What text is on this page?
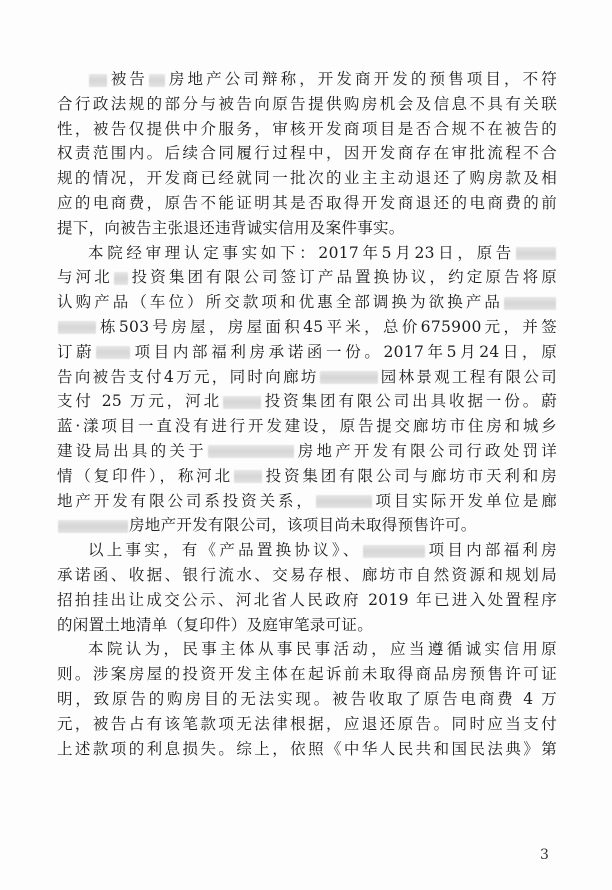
被告 房地产公司辩称，开发商开发的预售项目，不符
合行政法规的部分与被告向原告提供购房机会及信息不具有关联
性，被告仅提供中介服务，审核开发商项目是否合规不在被告的
权责范围内。后续合同履行过程中，因开发商存在审批流程不合
规的情况，开发商已经就同一批次的业主主动退还了购房款及相
应的电商费，原告不能证明其是否取得开发商退还的电商费的前
提下，向被告主张退还违背诚实信用及案件事实。
本院经审理认定事实如下：2017年5月23日，原告
与河北 投资集团有限公司签订产品置换协议，约定原告将原
认购产品（车位）所交款项和优惠全部调换为欲换产品
栋503号房屋，房屋面积45平米，总价675900元，并签
订蔚 项目内部福利房承诺函一份。2017年5月24日，原
告向被告支付4万元，同时向廊坊	园林景观工程有限公司
支付 25 万元，河北	投资集团有限公司出具收据一份。蔚
蓝·漾项目一直没有进行开发建设，原告提交廊坊市住房和城乡
建设局出具的关于	房地产开发有限公司行政处罚详
情（复印件），称河北 投资集团有限公司与廊坊市天利和房
地产开发有限公司系投资关系，	项目实际开发单位是廊
房地产开发有限公司，该项目尚未取得预售许可。
以上事实，有《产品置换协议》、	项目内部福利房
承诺函、收据、银行流水、交易存根、廊坊市自然资源和规划局
招拍挂出让成交公示、河北省人民政府 2019 年已进入处置程序
的闲置土地清单（复印件）及庭审笔录可证。
本院认为，民事主体从事民事活动，应当遵循诚实信用原
则。涉案房屋的投资开发主体在起诉前未取得商品房预售许可证
明，致原告的购房目的无法实现。被告收取了原告电商费 4 万
元，被告占有该笔款项无法律根据，应退还原告。同时应当支付
上述款项的利息损失。综上，依照《中华人民共和国民法典》第
3
